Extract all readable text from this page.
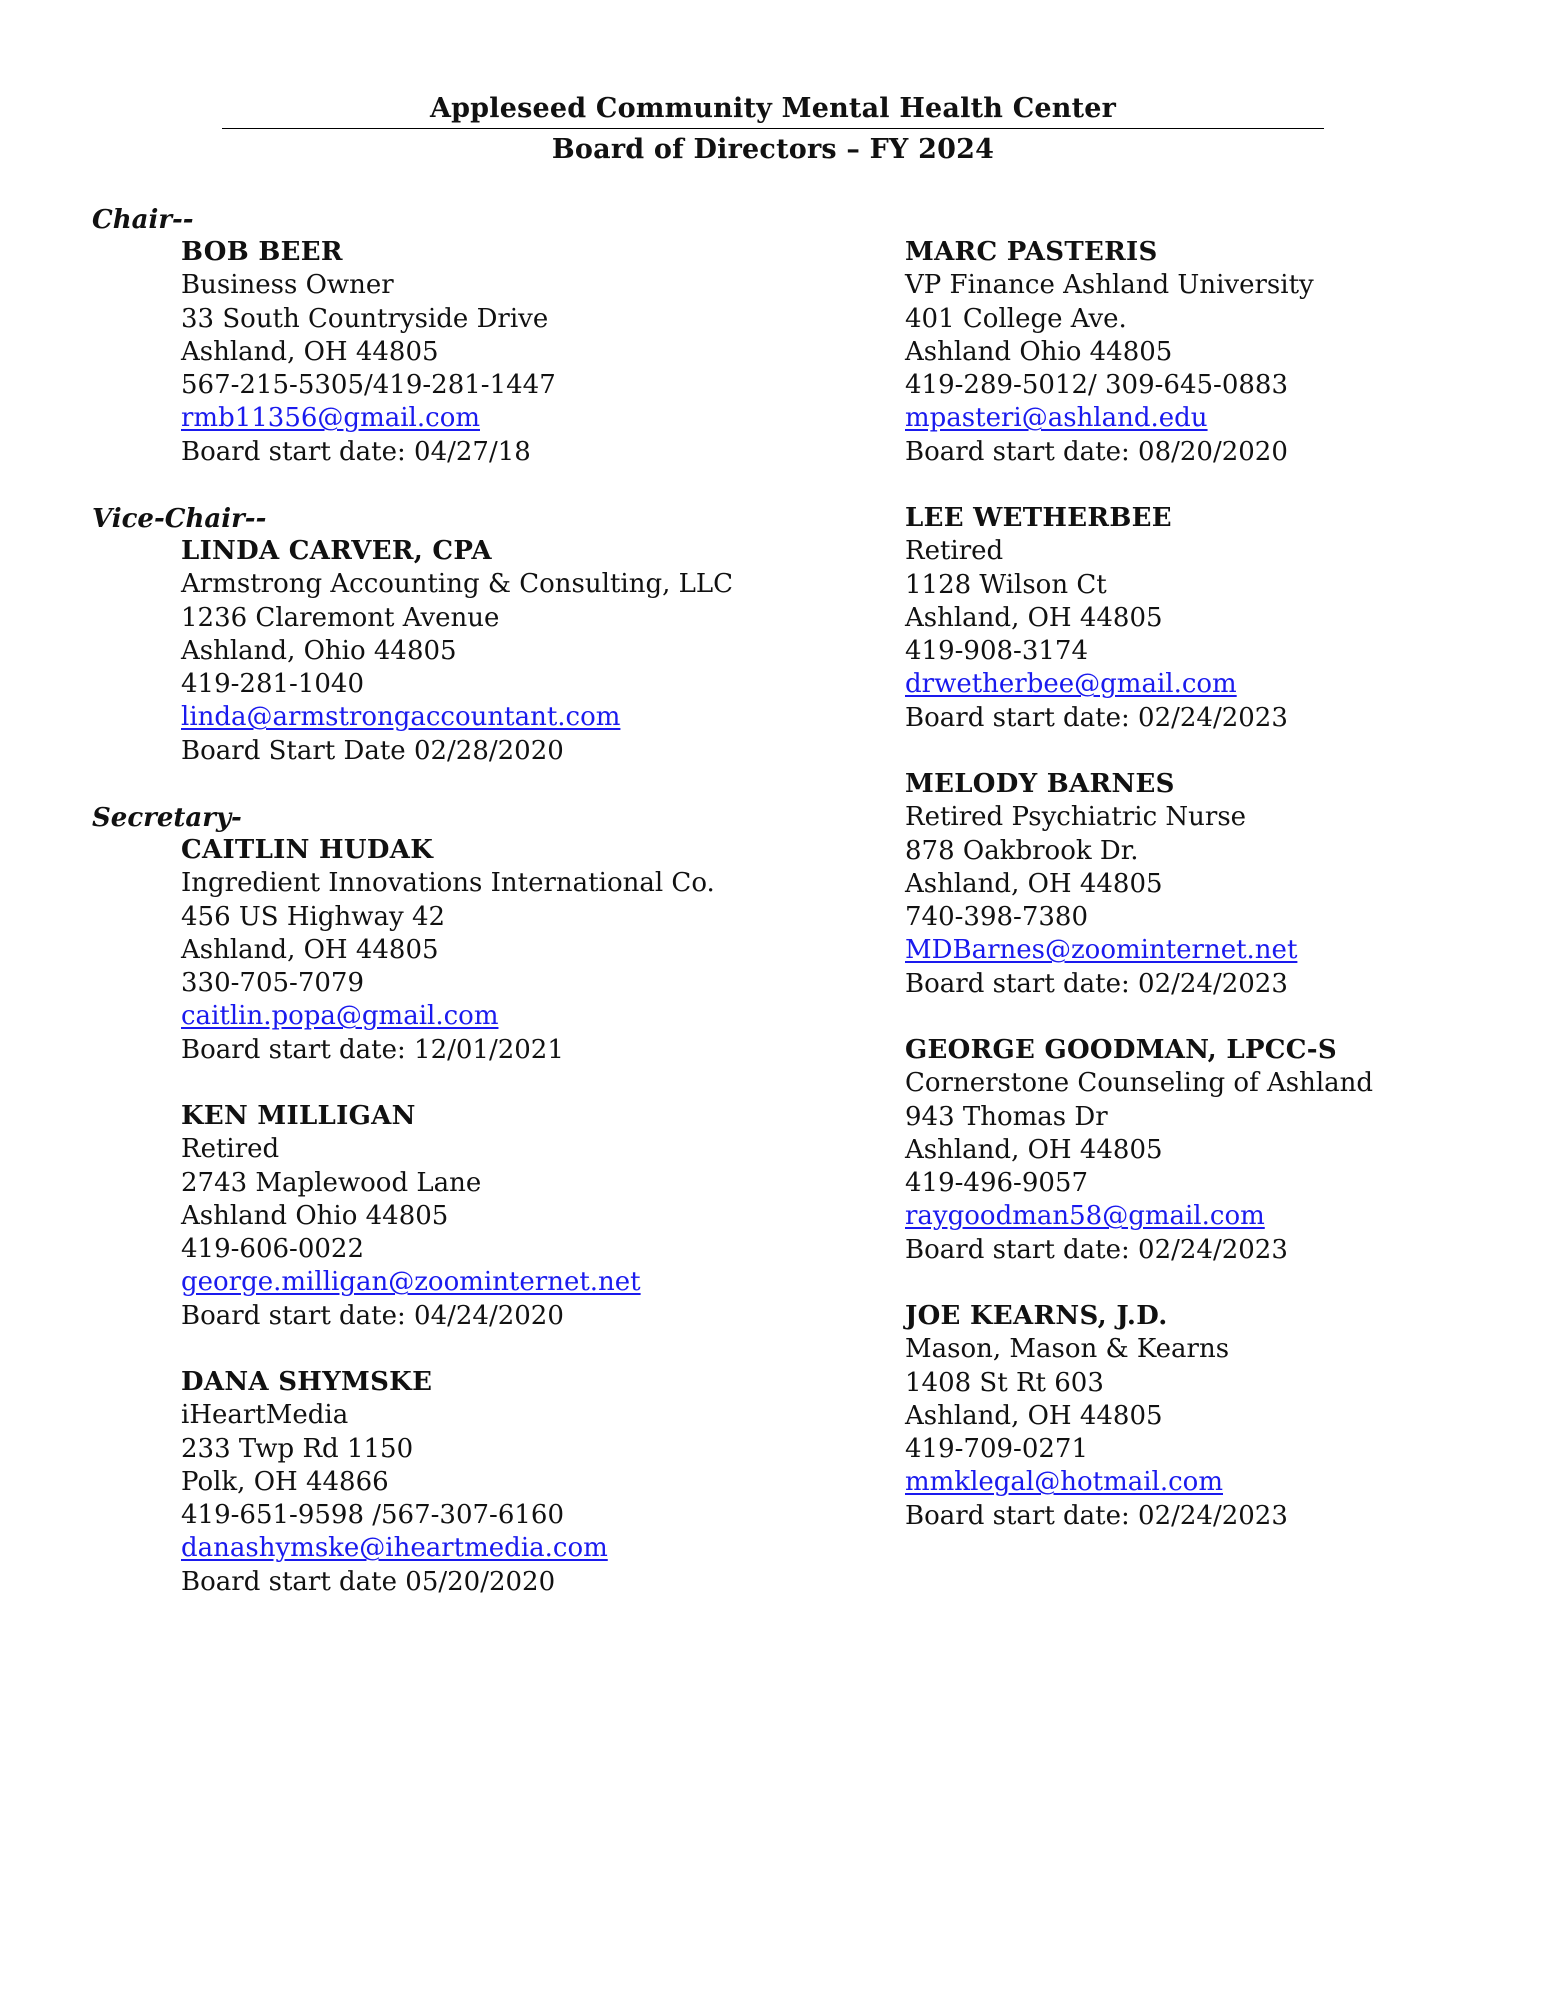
Appleseed Community Mental Health Center
Board of Directors – FY 2024
Chair--
BOB BEER
Business Owner
33 South Countryside Drive
Ashland, OH 44805
567-215-5305/419-281-1447
rmb11356@gmail.com
Board start date: 04/27/18
Vice-Chair--
LINDA CARVER, CPA
Armstrong Accounting & Consulting, LLC
1236 Claremont Avenue
Ashland, Ohio 44805
419-281-1040
linda@armstrongaccountant.com
Board Start Date 02/28/2020
Secretary-
CAITLIN HUDAK
Ingredient Innovations International Co.
456 US Highway 42
Ashland, OH 44805
330-705-7079
caitlin.popa@gmail.com
Board start date: 12/01/2021
KEN MILLIGAN
Retired
2743 Maplewood Lane
Ashland Ohio 44805
419-606-0022
george.milligan@zoominternet.net
Board start date: 04/24/2020
DANA SHYMSKE
iHeartMedia
233 Twp Rd 1150
Polk, OH 44866
419-651-9598 /567-307-6160
danashymske@iheartmedia.com
Board start date 05/20/2020
MARC PASTERIS
VP Finance Ashland University
401 College Ave.
Ashland Ohio 44805
419-289-5012/ 309-645-0883
mpasteri@ashland.edu
Board start date: 08/20/2020
LEE WETHERBEE
Retired
1128 Wilson Ct
Ashland, OH 44805
419-908-3174
drwetherbee@gmail.com
Board start date: 02/24/2023
MELODY BARNES
Retired Psychiatric Nurse
878 Oakbrook Dr.
Ashland, OH 44805
740-398-7380
MDBarnes@zoominternet.net
Board start date: 02/24/2023
GEORGE GOODMAN, LPCC-S
Cornerstone Counseling of Ashland
943 Thomas Dr
Ashland, OH 44805
419-496-9057
raygoodman58@gmail.com
Board start date: 02/24/2023
JOE KEARNS, J.D.
Mason, Mason & Kearns
1408 St Rt 603
Ashland, OH 44805
419-709-0271
mmklegal@hotmail.com
Board start date: 02/24/2023
